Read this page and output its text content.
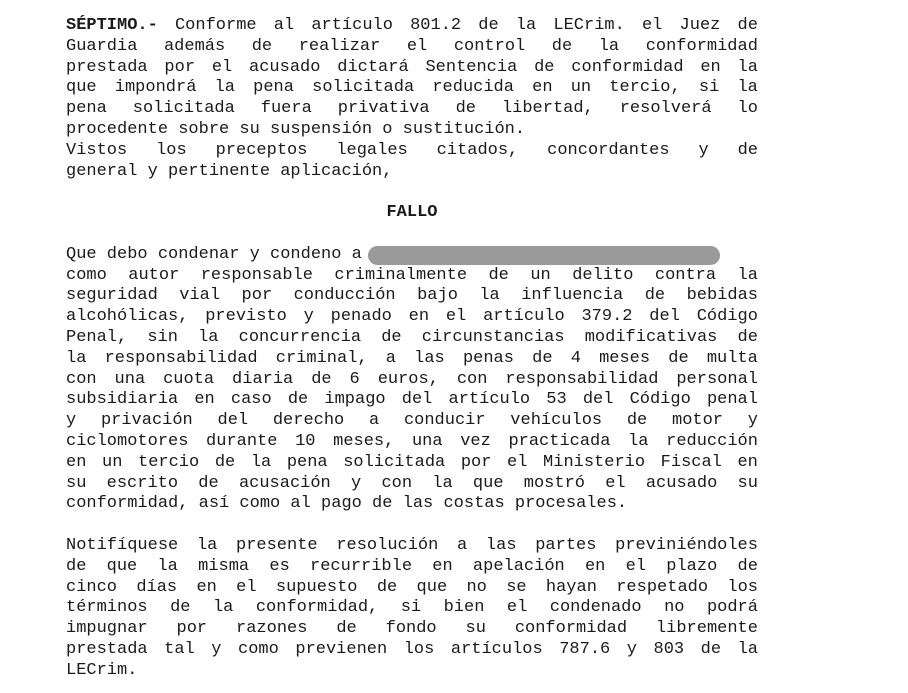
SÉPTIMO.- Conforme al artículo 801.2 de la LECrim. el Juez de
Guardia además de realizar el control de la conformidad
prestada por el acusado dictará Sentencia de conformidad en la
que impondrá la pena solicitada reducida en un tercio, si la
pena solicitada fuera privativa de libertad, resolverá lo
procedente sobre su suspensión o sustitución.
Vistos los preceptos legales citados, concordantes y de
general y pertinente aplicación,
FALLO
Que debo condenar y condeno a
como autor responsable criminalmente de un delito contra la
seguridad vial por conducción bajo la influencia de bebidas
alcohólicas, previsto y penado en el artículo 379.2 del Código
Penal, sin la concurrencia de circunstancias modificativas de
la responsabilidad criminal, a las penas de 4 meses de multa
con una cuota diaria de 6 euros, con responsabilidad personal
subsidiaria en caso de impago del artículo 53 del Código penal
y privación del derecho a conducir vehículos de motor y
ciclomotores durante 10 meses, una vez practicada la reducción
en un tercio de la pena solicitada por el Ministerio Fiscal en
su escrito de acusación y con la que mostró el acusado su
conformidad, así como al pago de las costas procesales.
Notifíquese la presente resolución a las partes previniéndoles
de que la misma es recurrible en apelación en el plazo de
cinco días en el supuesto de que no se hayan respetado los
términos de la conformidad, si bien el condenado no podrá
impugnar por razones de fondo su conformidad libremente
prestada tal y como previenen los artículos 787.6 y 803 de la
LECrim.
